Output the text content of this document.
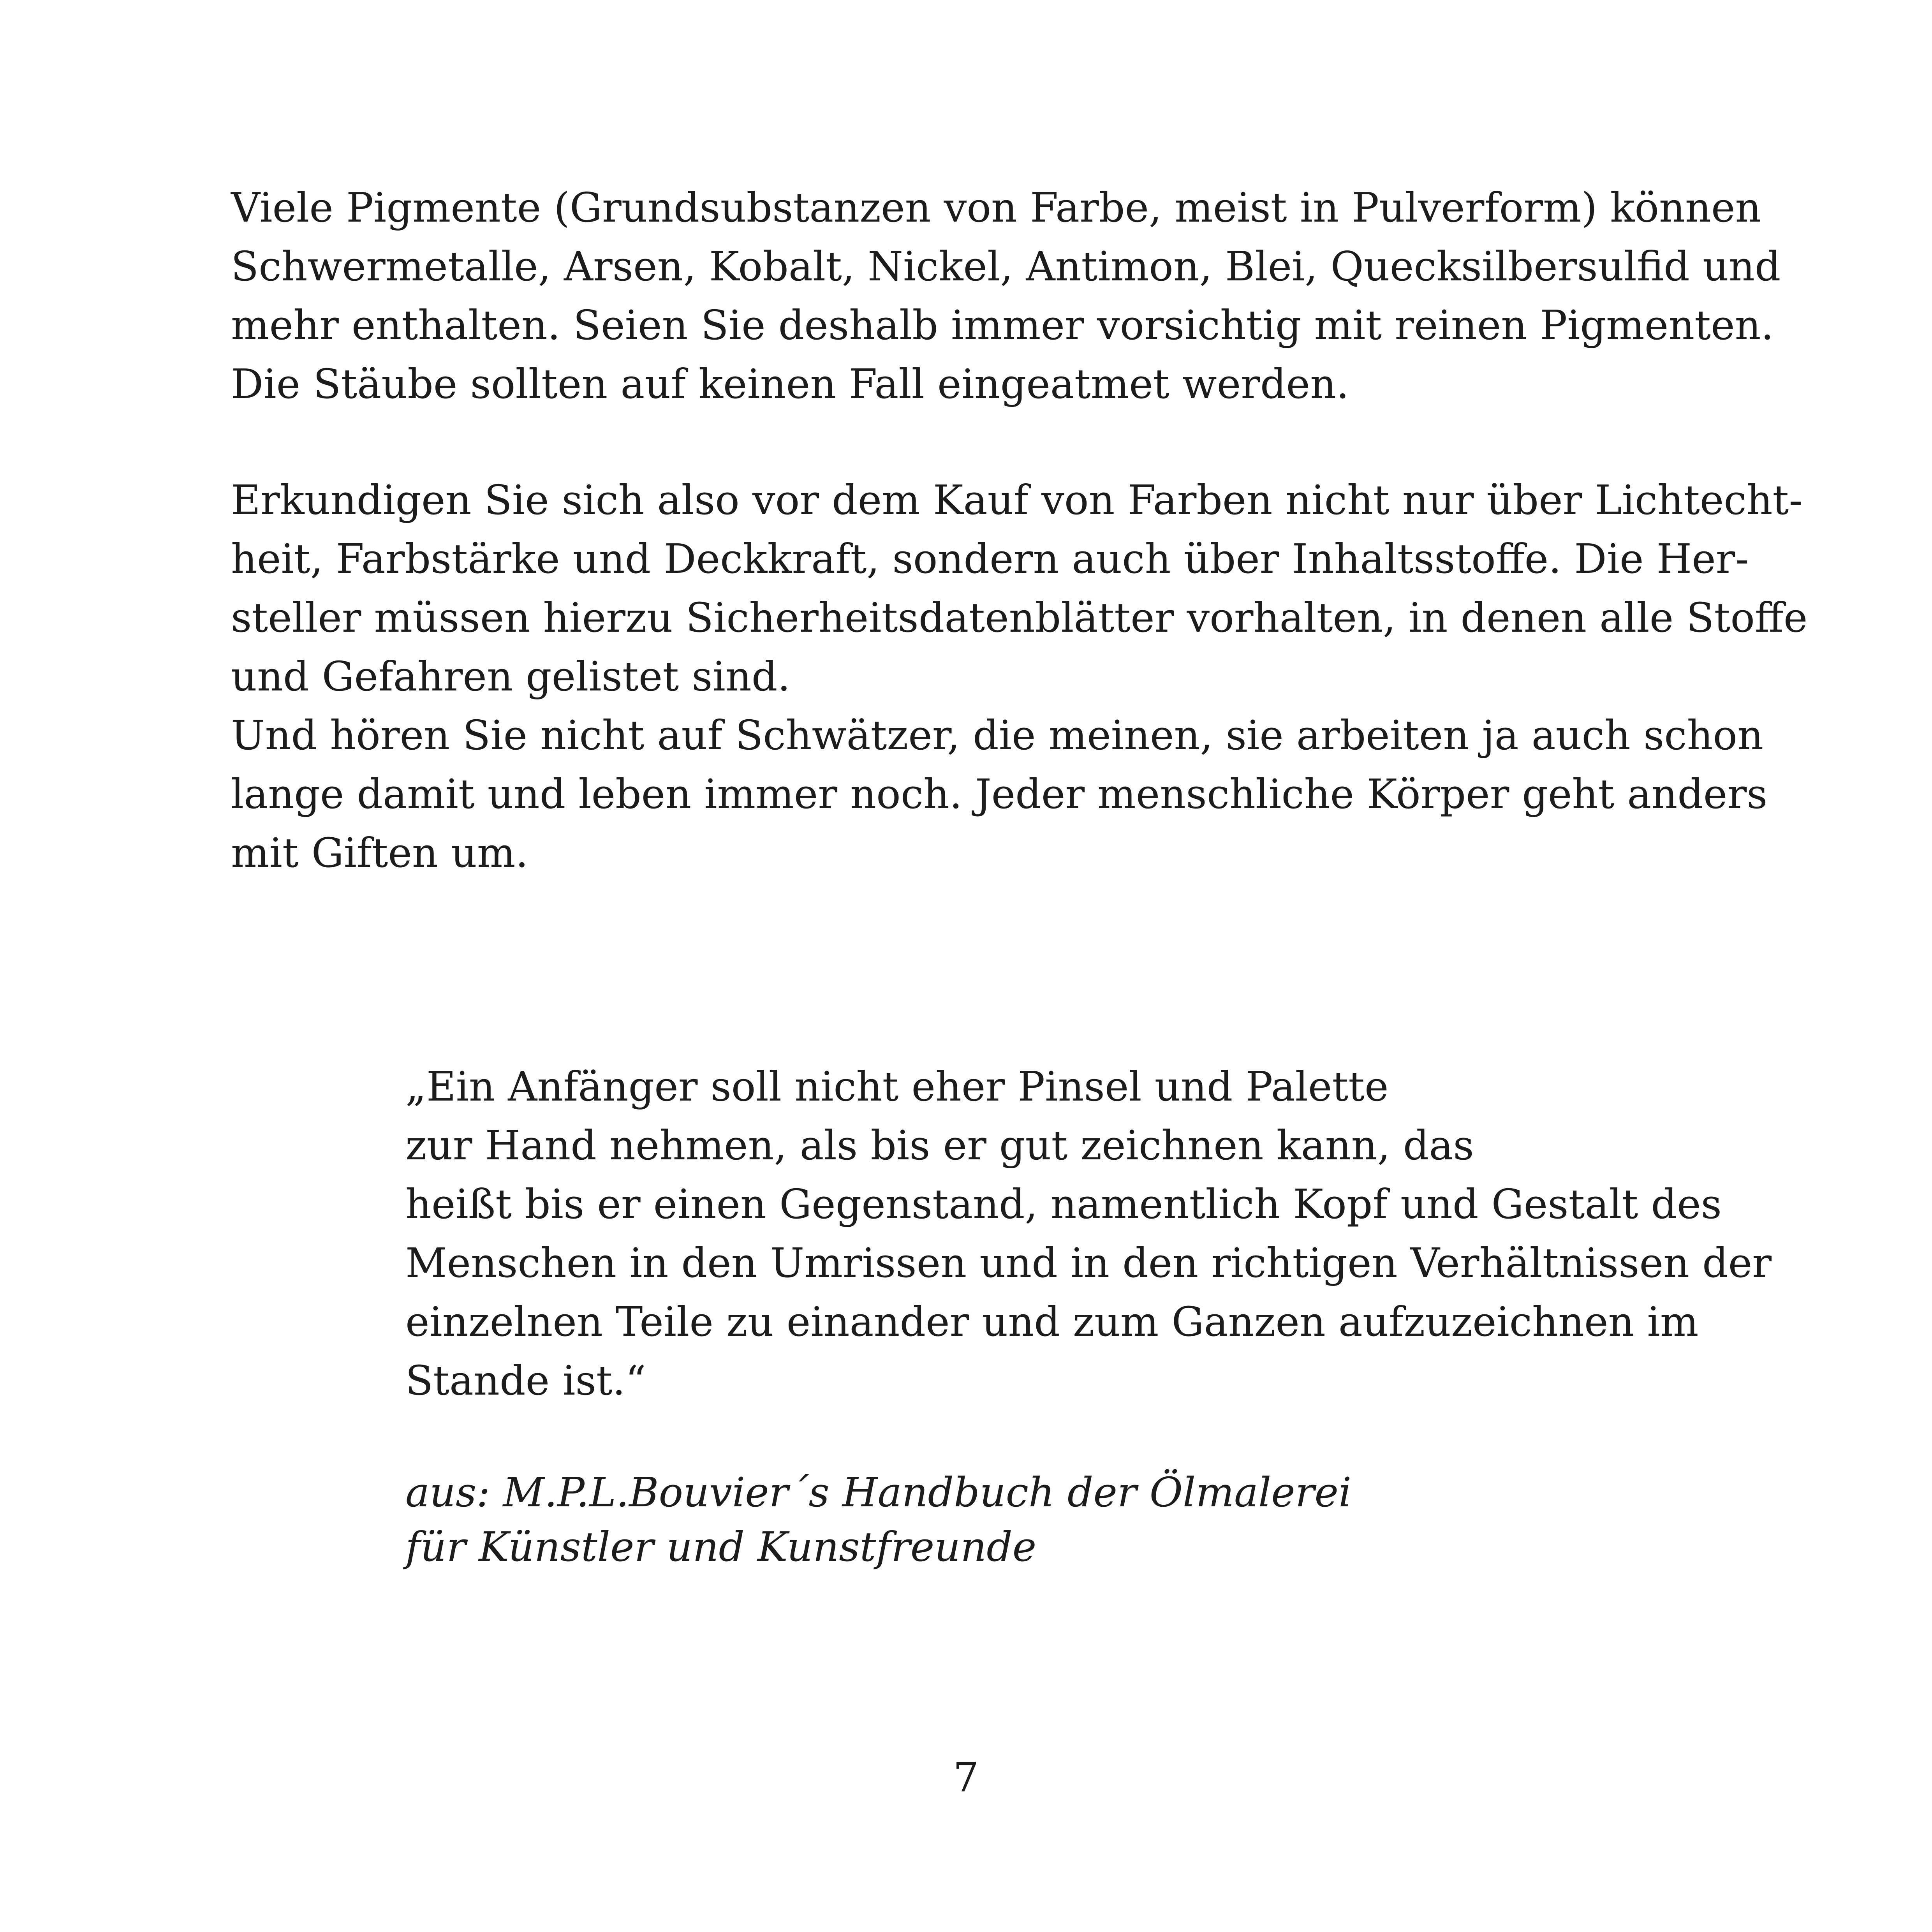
Viele Pigmente (Grundsubstanzen von Farbe, meist in Pulverform) können
Schwermetalle, Arsen, Kobalt, Nickel, Antimon, Blei, Quecksilbersulfid und
mehr enthalten. Seien Sie deshalb immer vorsichtig mit reinen Pigmenten.
Die Stäube sollten auf keinen Fall eingeatmet werden.
Erkundigen Sie sich also vor dem Kauf von Farben nicht nur über Lichtecht-
heit, Farbstärke und Deckkraft, sondern auch über Inhaltsstoffe. Die Her-
steller müssen hierzu Sicherheitsdatenblätter vorhalten, in denen alle Stoffe
und Gefahren gelistet sind.
Und hören Sie nicht auf Schwätzer, die meinen, sie arbeiten ja auch schon
lange damit und leben immer noch. Jeder menschliche Körper geht anders
mit Giften um.
„Ein Anfänger soll nicht eher Pinsel und Palette
zur Hand nehmen, als bis er gut zeichnen kann, das
heißt bis er einen Gegenstand, namentlich Kopf und Gestalt des
Menschen in den Umrissen und in den richtigen Verhältnissen der
einzelnen Teile zu einander und zum Ganzen aufzuzeichnen im
Stande ist.“
aus: M.P.L.Bouvier´s Handbuch der Ölmalerei
für Künstler und Kunstfreunde
7
